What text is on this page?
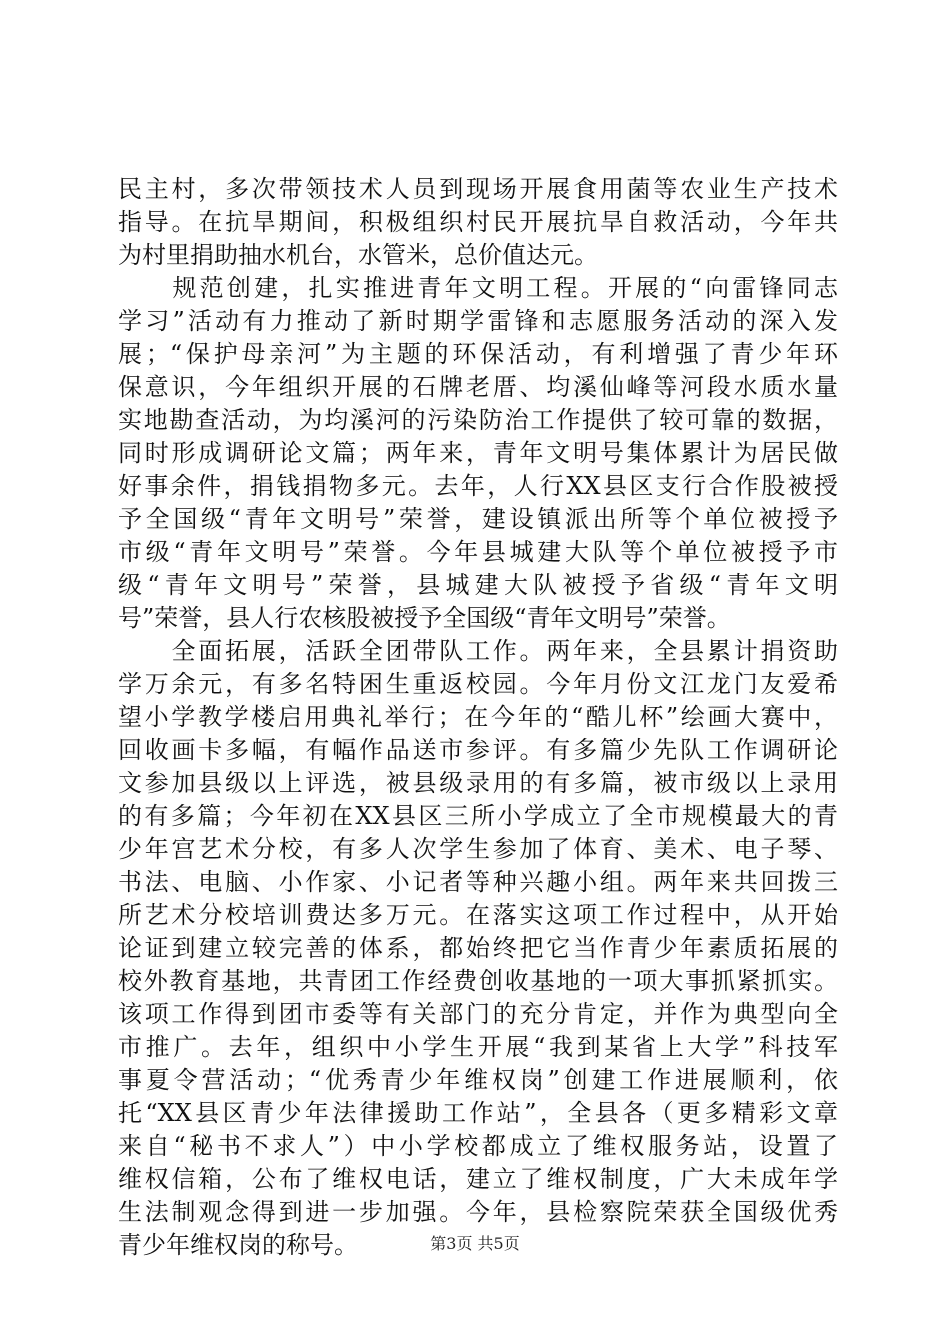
民主村，多次带领技术人员到现场开展食用菌等农业生产技术
指导。在抗旱期间，积极组织村民开展抗旱自救活动，今年共
为村里捐助抽水机台，水管米，总价值达元。
　　规范创建，扎实推进青年文明工程。开展的“向雷锋同志
学习”活动有力推动了新时期学雷锋和志愿服务活动的深入发
展；“保护母亲河”为主题的环保活动，有利增强了青少年环
保意识，今年组织开展的石牌老厝、均溪仙峰等河段水质水量
实地勘查活动，为均溪河的污染防治工作提供了较可靠的数据，
同时形成调研论文篇；两年来，青年文明号集体累计为居民做
好事余件，捐钱捐物多元。去年，人行XX县区支行合作股被授
予全国级“青年文明号”荣誉，建设镇派出所等个单位被授予
市级“青年文明号”荣誉。今年县城建大队等个单位被授予市
级“青年文明号”荣誉，县城建大队被授予省级“青年文明
号”荣誉，县人行农核股被授予全国级“青年文明号”荣誉。
　　全面拓展，活跃全团带队工作。两年来，全县累计捐资助
学万余元，有多名特困生重返校园。今年月份文江龙门友爱希
望小学教学楼启用典礼举行；在今年的“酷儿杯”绘画大赛中，
回收画卡多幅，有幅作品送市参评。有多篇少先队工作调研论
文参加县级以上评选，被县级录用的有多篇，被市级以上录用
的有多篇；今年初在XX县区三所小学成立了全市规模最大的青
少年宫艺术分校，有多人次学生参加了体育、美术、电子琴、
书法、电脑、小作家、小记者等种兴趣小组。两年来共回拨三
所艺术分校培训费达多万元。在落实这项工作过程中，从开始
论证到建立较完善的体系，都始终把它当作青少年素质拓展的
校外教育基地，共青团工作经费创收基地的一项大事抓紧抓实。
该项工作得到团市委等有关部门的充分肯定，并作为典型向全
市推广。去年，组织中小学生开展“我到某省上大学”科技军
事夏令营活动；“优秀青少年维权岗”创建工作进展顺利，依
托“XX县区青少年法律援助工作站”，全县各（更多精彩文章
来自“秘书不求人”）中小学校都成立了维权服务站，设置了
维权信箱，公布了维权电话，建立了维权制度，广大未成年学
生法制观念得到进一步加强。今年，县检察院荣获全国级优秀
青少年维权岗的称号。	第3页 共5页
